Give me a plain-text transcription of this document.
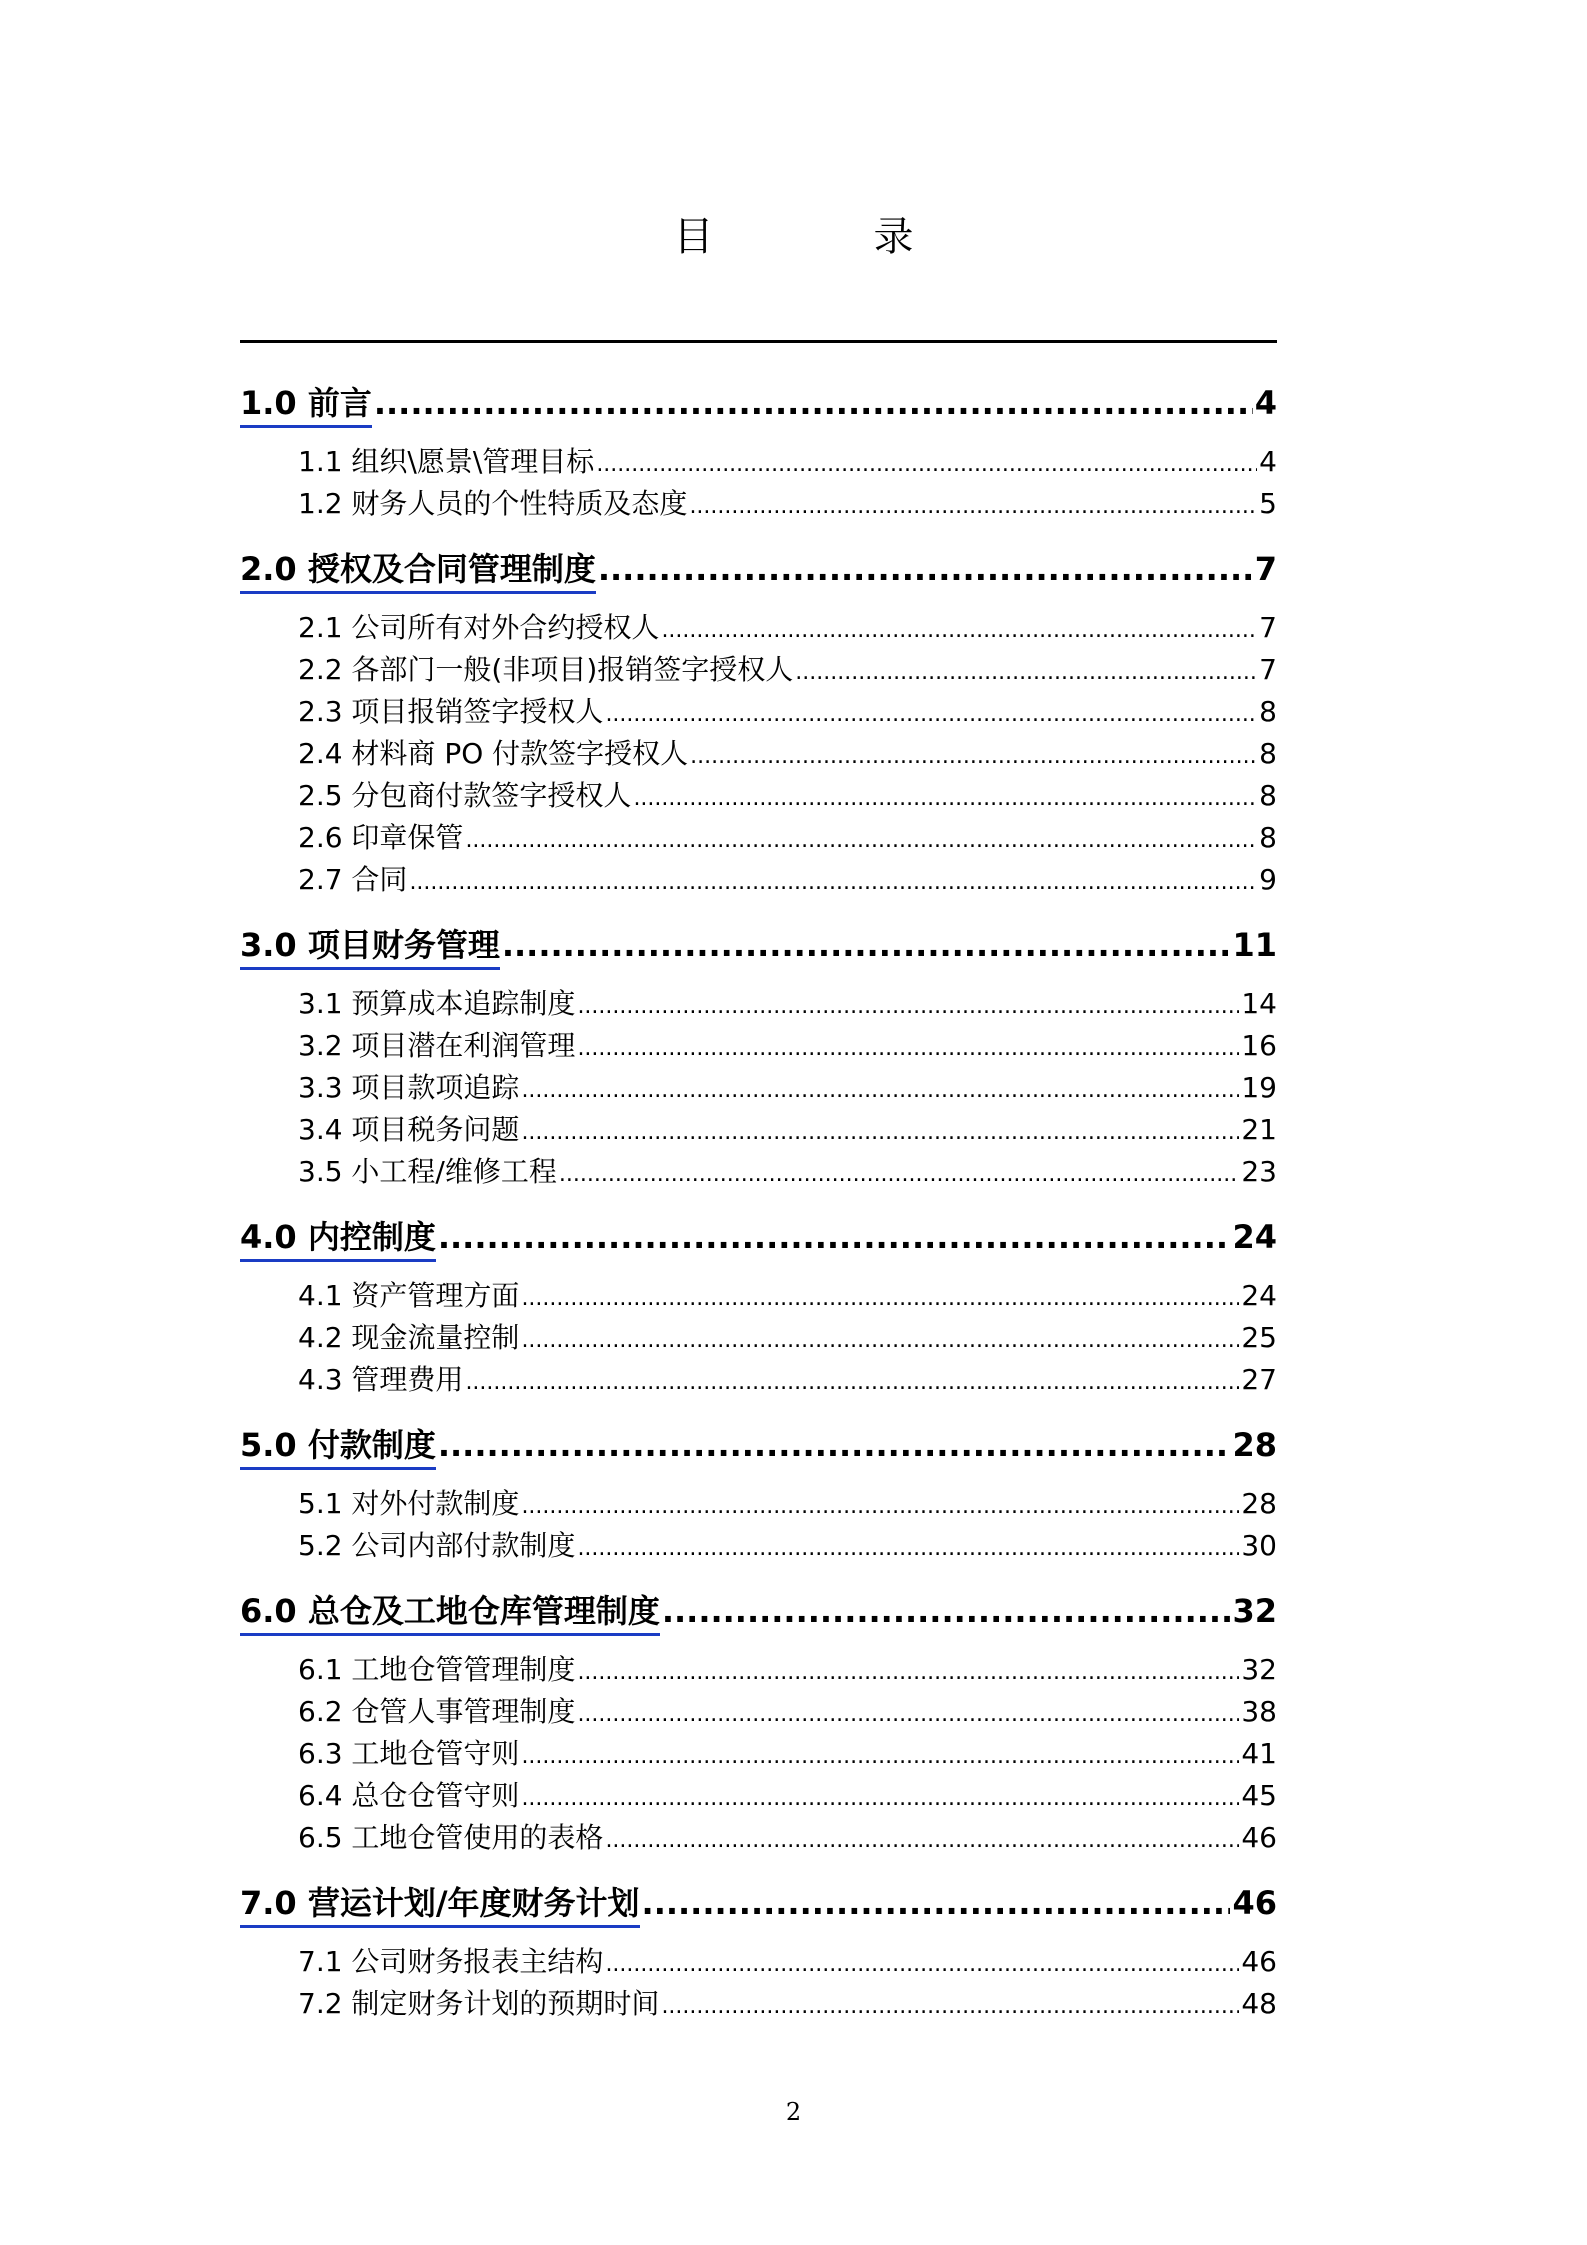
目　录
1.0 前言 .....	4
1.1 组织\愿景\管理目标 .....	4
1.2 财务人员的个性特质及态度 .....	5
2.0 授权及合同管理制度 .....	7
2.1 公司所有对外合约授权人 .....	7
2.2 各部门一般(非项目)报销签字授权人 .....	7
2.3 项目报销签字授权人 .....	8
2.4 材料商 PO 付款签字授权人 .....	8
2.5 分包商付款签字授权人 .....	8
2.6 印章保管 .....	8
2.7 合同 .....	9
3.0 项目财务管理 .....	11
3.1 预算成本追踪制度 .....	14
3.2 项目潜在利润管理 .....	16
3.3 项目款项追踪 .....	19
3.4 项目税务问题 .....	21
3.5 小工程/维修工程 .....	23
4.0 内控制度 .....	24
4.1 资产管理方面 .....	24
4.2 现金流量控制 .....	25
4.3 管理费用 .....	27
5.0 付款制度 .....	28
5.1 对外付款制度 .....	28
5.2 公司内部付款制度 .....	30
6.0 总仓及工地仓库管理制度 .....	32
6.1 工地仓管管理制度 .....	32
6.2 仓管人事管理制度 .....	38
6.3 工地仓管守则 .....	41
6.4 总仓仓管守则 .....	45
6.5 工地仓管使用的表格 .....	46
7.0 营运计划/年度财务计划 .....	46
7.1 公司财务报表主结构 .....	46
7.2 制定财务计划的预期时间 .....	48
2
